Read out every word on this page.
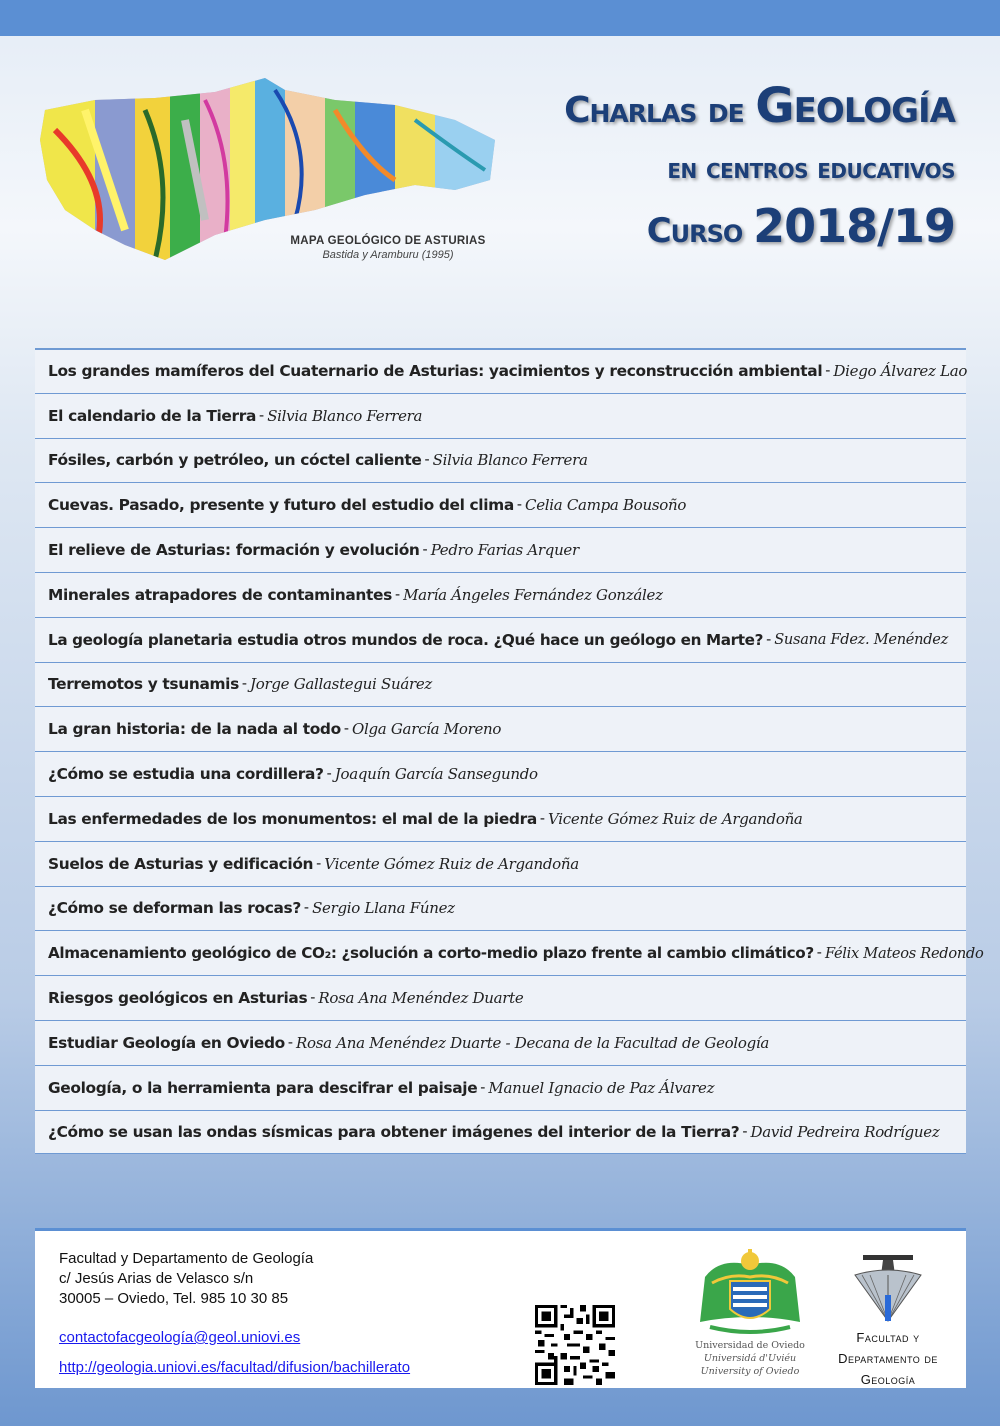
MAPA GEOLÓGICO DE ASTURIAS
Bastida y Aramburu (1995)
Charlas de Geología
en centros educativos
Curso 2018/19
Los grandes mamíferos del Cuaternario de Asturias: yacimientos y reconstrucción ambiental - Diego Álvarez Lao
El calendario de la Tierra - Silvia Blanco Ferrera
Fósiles, carbón y petróleo, un cóctel caliente - Silvia Blanco Ferrera
Cuevas. Pasado, presente y futuro del estudio del clima - Celia Campa Bousoño
El relieve de Asturias: formación y evolución - Pedro Farias Arquer
Minerales atrapadores de contaminantes - María Ángeles Fernández González
La geología planetaria estudia otros mundos de roca. ¿Qué hace un geólogo en Marte? - Susana Fdez. Menéndez
Terremotos y tsunamis - Jorge Gallastegui Suárez
La gran historia: de la nada al todo - Olga García Moreno
¿Cómo se estudia una cordillera? - Joaquín García Sansegundo
Las enfermedades de los monumentos: el mal de la piedra - Vicente Gómez Ruiz de Argandoña
Suelos de Asturias y edificación - Vicente Gómez Ruiz de Argandoña
¿Cómo se deforman las rocas? - Sergio Llana Fúnez
Almacenamiento geológico de CO₂: ¿solución a corto-medio plazo frente al cambio climático? - Félix Mateos Redondo
Riesgos geológicos en Asturias - Rosa Ana Menéndez Duarte
Estudiar Geología en Oviedo - Rosa Ana Menéndez Duarte - Decana de la Facultad de Geología
Geología, o la herramienta para descifrar el paisaje - Manuel Ignacio de Paz Álvarez
¿Cómo se usan las ondas sísmicas para obtener imágenes del interior de la Tierra? - David Pedreira Rodríguez
Facultad y Departamento de Geología
c/ Jesús Arias de Velasco s/n
30005 – Oviedo, Tel. 985 10 30 85
contactofacgeología@geol.uniovi.es
http://geologia.uniovi.es/facultad/difusion/bachillerato
Universidad de Oviedo
Universidá d'Uviéu
University of Oviedo
Facultad y
Departamento de
Geología
